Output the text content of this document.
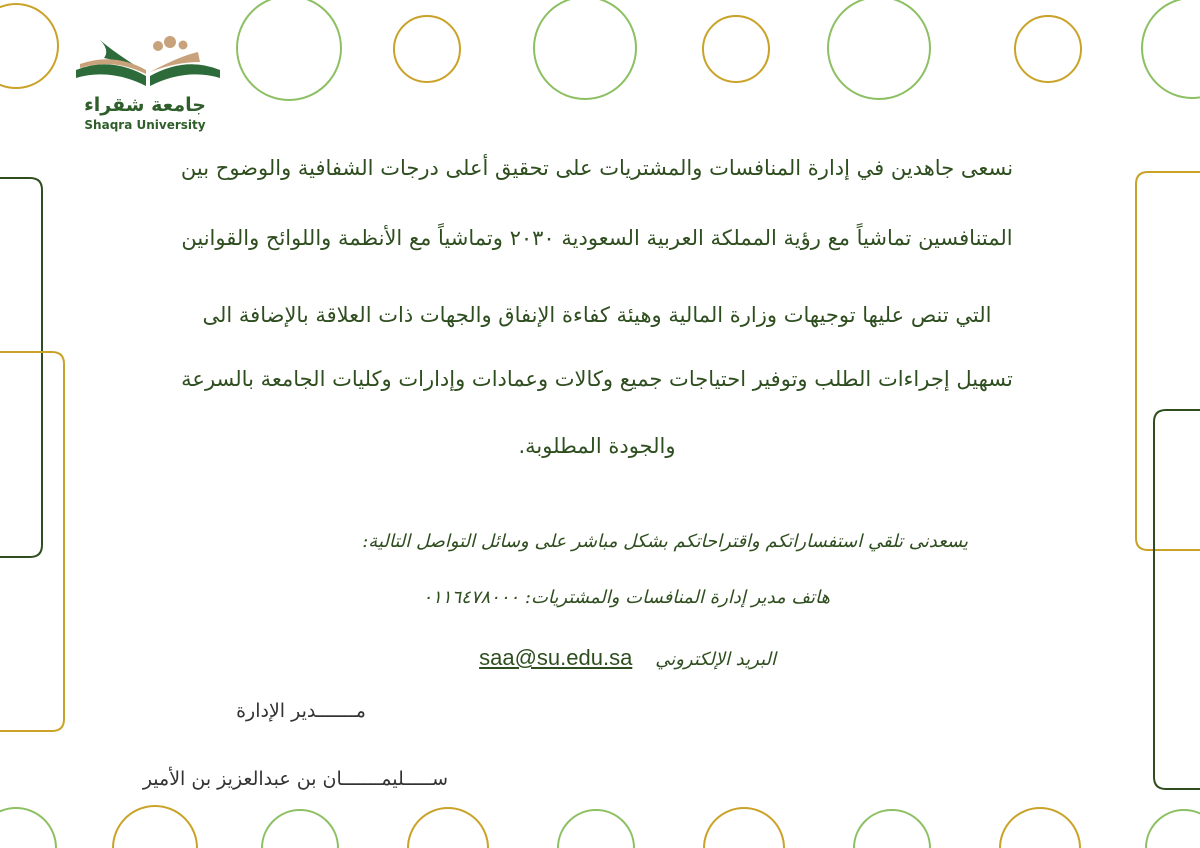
جامعة شقراء
Shaqra University
نسعى جاهدين في إدارة المنافسات والمشتريات على تحقيق أعلى درجات الشفافية والوضوح بين
المتنافسين تماشياً مع رؤية المملكة العربية السعودية ٢٠٣٠ وتماشياً مع الأنظمة واللوائح والقوانين
التي تنص عليها توجيهات وزارة المالية وهيئة كفاءة الإنفاق والجهات ذات العلاقة بالإضافة الى
تسهيل إجراءات الطلب وتوفير احتياجات جميع وكالات وعمادات وإدارات وكليات الجامعة بالسرعة
والجودة المطلوبة.
يسعدنى تلقي استفساراتكم واقتراحاتكم بشكل مباشر على وسائل التواصل التالية:
هاتف مدير إدارة المنافسات والمشتريات: ٠١١٦٤٧٨٠٠٠
البريد الإلكتروني    saa@su.edu.sa
مـــــــدير الإدارة
ســـــليمـــــــان بن عبدالعزيز بن الأمير
